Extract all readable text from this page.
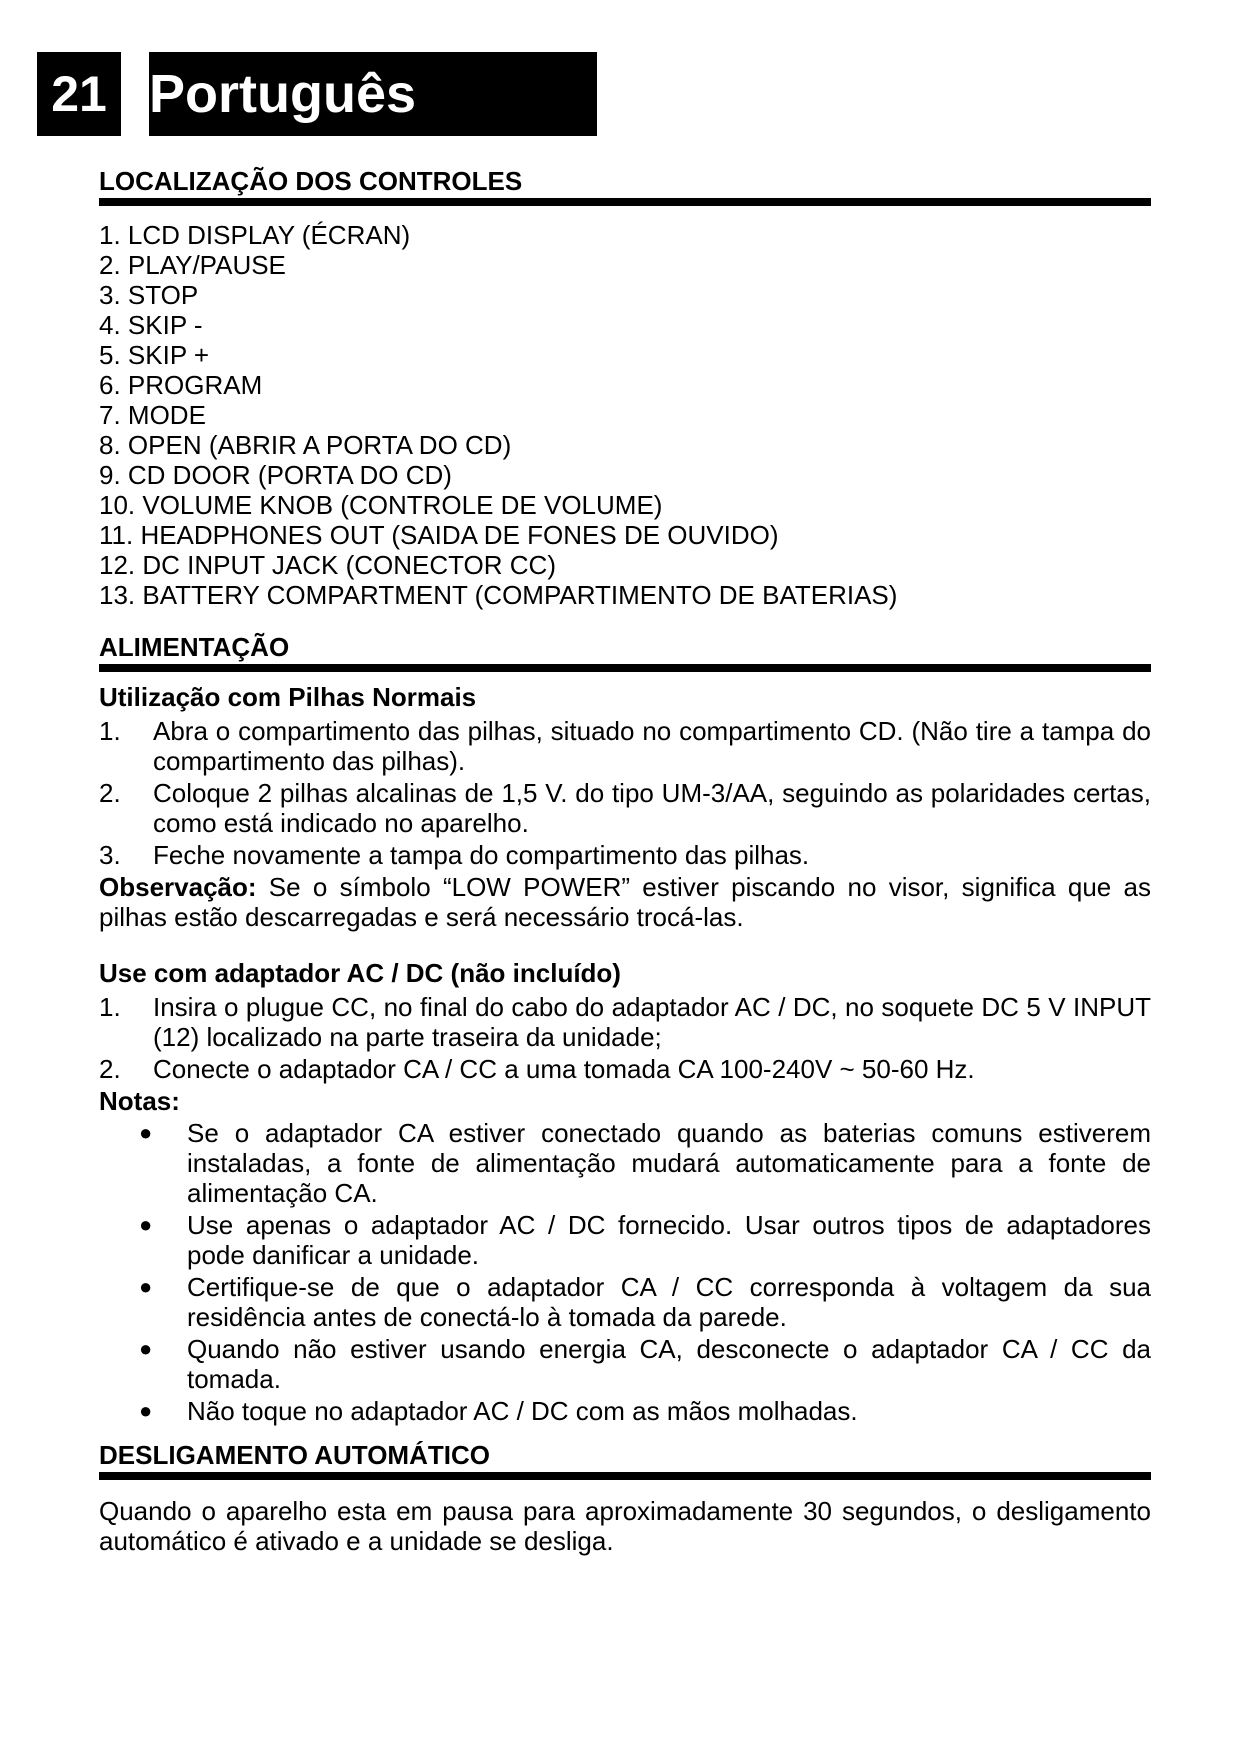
21 Português
LOCALIZAÇÃO DOS CONTROLES
1. LCD DISPLAY (ÉCRAN)
2. PLAY/PAUSE
3. STOP
4. SKIP -
5. SKIP +
6. PROGRAM
7. MODE
8. OPEN (ABRIR A PORTA DO CD)
9. CD DOOR (PORTA DO CD)
10. VOLUME KNOB (CONTROLE DE VOLUME)
11. HEADPHONES OUT (SAIDA DE FONES DE OUVIDO)
12. DC INPUT JACK (CONECTOR CC)
13. BATTERY COMPARTMENT (COMPARTIMENTO DE BATERIAS)
ALIMENTAÇÃO
Utilização com Pilhas Normais
1.	Abra o compartimento das pilhas, situado no compartimento CD. (Não tire a tampa do compartimento das pilhas).
2.	Coloque 2 pilhas alcalinas de 1,5 V. do tipo UM-3/AA, seguindo as polaridades certas, como está indicado no aparelho.
3.	Feche novamente a tampa do compartimento das pilhas.

Observação: Se o símbolo “LOW POWER” estiver piscando no visor, significa que as pilhas estão descarregadas e será necessário trocá-las.

Use com adaptador AC / DC (não incluído)
1.	Insira o plugue CC, no final do cabo do adaptador AC / DC, no soquete DC 5 V INPUT (12) localizado na parte traseira da unidade;
2.	Conecte o adaptador CA / CC a uma tomada CA 100-240V ~ 50-60 Hz.

Notas:

●	Se o adaptador CA estiver conectado quando as baterias comuns estiverem instaladas, a fonte de alimentação mudará automaticamente para a fonte de alimentação CA.
●	Use apenas o adaptador AC / DC fornecido. Usar outros tipos de adaptadores pode danificar a unidade.
●	Certifique-se de que o adaptador CA / CC corresponda à voltagem da sua residência antes de conectá-lo à tomada da parede.
●	Quando não estiver usando energia CA, desconecte o adaptador CA / CC da tomada.
●	Não toque no adaptador AC / DC com as mãos molhadas.
DESLIGAMENTO AUTOMÁTICO

Quando o aparelho esta em pausa para aproximadamente 30 segundos, o desligamento automático é ativado e a unidade se desliga.
